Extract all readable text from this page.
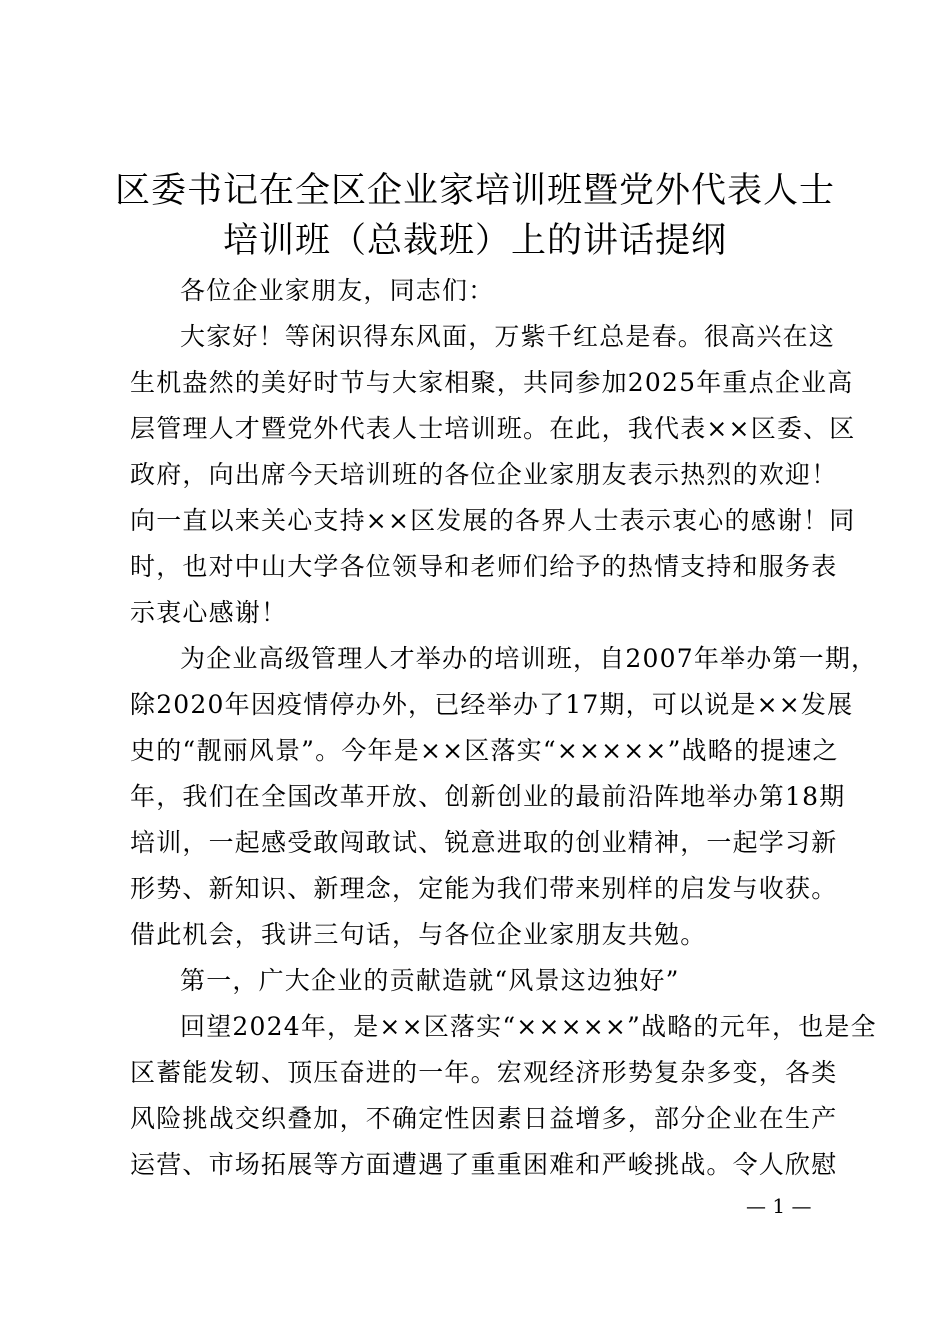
区委书记在全区企业家培训班暨党外代表人士
培训班（总裁班）上的讲话提纲

各位企业家朋友，同志们：

大家好！等闲识得东风面，万紫千红总是春。很高兴在这

生机盎然的美好时节与大家相聚，共同参加2025年重点企业高

层管理人才暨党外代表人士培训班。在此，我代表××区委、区

政府，向出席今天培训班的各位企业家朋友表示热烈的欢迎！

向一直以来关心支持××区发展的各界人士表示衷心的感谢！同

时，也对中山大学各位领导和老师们给予的热情支持和服务表

示衷心感谢！

为企业高级管理人才举办的培训班，自2007年举办第一期，

除2020年因疫情停办外，已经举办了17期，可以说是××发展

史的“靓丽风景”。今年是××区落实“×××××”战略的提速之

年，我们在全国改革开放、创新创业的最前沿阵地举办第18期

培训，一起感受敢闯敢试、锐意进取的创业精神，一起学习新

形势、新知识、新理念，定能为我们带来别样的启发与收获。

借此机会，我讲三句话，与各位企业家朋友共勉。

第一，广大企业的贡献造就“风景这边独好”

回望2024年，是××区落实“×××××”战略的元年，也是全

区蓄能发轫、顶压奋进的一年。宏观经济形势复杂多变，各类

风险挑战交织叠加，不确定性因素日益增多，部分企业在生产

运营、市场拓展等方面遭遇了重重困难和严峻挑战。令人欣慰

— 1 —
